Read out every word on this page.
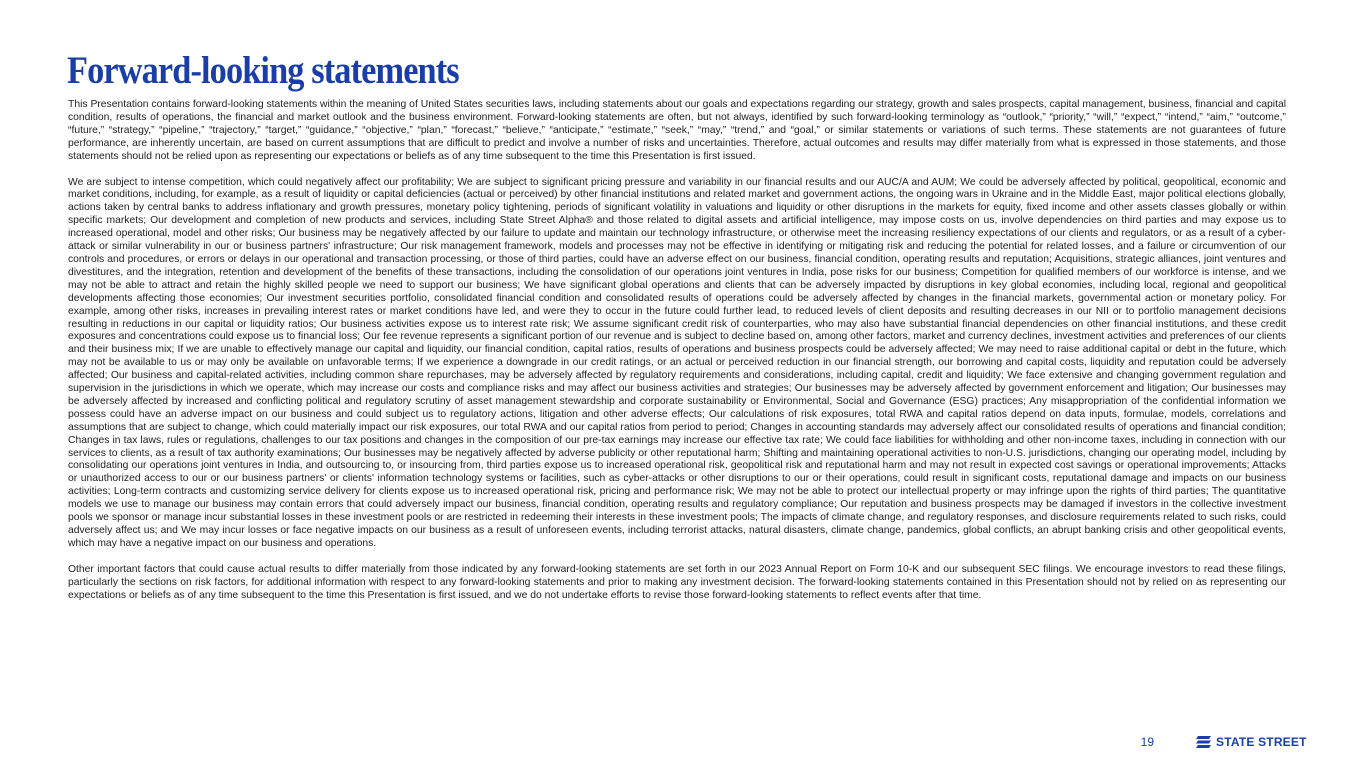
Forward-looking statements

This Presentation contains forward-looking statements within the meaning of United States securities laws, including statements about our goals and expectations regarding our strategy, growth and sales prospects, capital management, business, financial and capital condition, results of operations, the financial and market outlook and the business environment. Forward-looking statements are often, but not always, identified by such forward-looking terminology as “outlook,” “priority,” “will,” “expect,” “intend,” “aim,” “outcome,” “future,” “strategy,” “pipeline,” “trajectory,” “target,” “guidance,” “objective,” “plan,” “forecast,” “believe,” “anticipate,” “estimate,” “seek,” “may,” “trend,” and “goal,” or similar statements or variations of such terms. These statements are not guarantees of future performance, are inherently uncertain, are based on current assumptions that are difficult to predict and involve a number of risks and uncertainties. Therefore, actual outcomes and results may differ materially from what is expressed in those statements, and those statements should not be relied upon as representing our expectations or beliefs as of any time subsequent to the time this Presentation is first issued.

We are subject to intense competition, which could negatively affect our profitability; We are subject to significant pricing pressure and variability in our financial results and our AUC/A and AUM; We could be adversely affected by political, geopolitical, economic and market conditions, including, for example, as a result of liquidity or capital deficiencies (actual or perceived) by other financial institutions and related market and government actions, the ongoing wars in Ukraine and in the Middle East, major political elections globally, actions taken by central banks to address inflationary and growth pressures, monetary policy tightening, periods of significant volatility in valuations and liquidity or other disruptions in the markets for equity, fixed income and other assets classes globally or within specific markets; Our development and completion of new products and services, including State Street Alpha® and those related to digital assets and artificial intelligence, may impose costs on us, involve dependencies on third parties and may expose us to increased operational, model and other risks; Our business may be negatively affected by our failure to update and maintain our technology infrastructure, or otherwise meet the increasing resiliency expectations of our clients and regulators, or as a result of a cyber-attack or similar vulnerability in our or business partners' infrastructure; Our risk management framework, models and processes may not be effective in identifying or mitigating risk and reducing the potential for related losses, and a failure or circumvention of our controls and procedures, or errors or delays in our operational and transaction processing, or those of third parties, could have an adverse effect on our business, financial condition, operating results and reputation; Acquisitions, strategic alliances, joint ventures and divestitures, and the integration, retention and development of the benefits of these transactions, including the consolidation of our operations joint ventures in India, pose risks for our business; Competition for qualified members of our workforce is intense, and we may not be able to attract and retain the highly skilled people we need to support our business; We have significant global operations and clients that can be adversely impacted by disruptions in key global economies, including local, regional and geopolitical developments affecting those economies; Our investment securities portfolio, consolidated financial condition and consolidated results of operations could be adversely affected by changes in the financial markets, governmental action or monetary policy. For example, among other risks, increases in prevailing interest rates or market conditions have led, and were they to occur in the future could further lead, to reduced levels of client deposits and resulting decreases in our NII or to portfolio management decisions resulting in reductions in our capital or liquidity ratios; Our business activities expose us to interest rate risk; We assume significant credit risk of counterparties, who may also have substantial financial dependencies on other financial institutions, and these credit exposures and concentrations could expose us to financial loss; Our fee revenue represents a significant portion of our revenue and is subject to decline based on, among other factors, market and currency declines, investment activities and preferences of our clients and their business mix; If we are unable to effectively manage our capital and liquidity, our financial condition, capital ratios, results of operations and business prospects could be adversely affected; We may need to raise additional capital or debt in the future, which may not be available to us or may only be available on unfavorable terms; If we experience a downgrade in our credit ratings, or an actual or perceived reduction in our financial strength, our borrowing and capital costs, liquidity and reputation could be adversely affected; Our business and capital-related activities, including common share repurchases, may be adversely affected by regulatory requirements and considerations, including capital, credit and liquidity; We face extensive and changing government regulation and supervision in the jurisdictions in which we operate, which may increase our costs and compliance risks and may affect our business activities and strategies; Our businesses may be adversely affected by government enforcement and litigation; Our businesses may be adversely affected by increased and conflicting political and regulatory scrutiny of asset management stewardship and corporate sustainability or Environmental, Social and Governance (ESG) practices; Any misappropriation of the confidential information we possess could have an adverse impact on our business and could subject us to regulatory actions, litigation and other adverse effects; Our calculations of risk exposures, total RWA and capital ratios depend on data inputs, formulae, models, correlations and assumptions that are subject to change, which could materially impact our risk exposures, our total RWA and our capital ratios from period to period; Changes in accounting standards may adversely affect our consolidated results of operations and financial condition; Changes in tax laws, rules or regulations, challenges to our tax positions and changes in the composition of our pre-tax earnings may increase our effective tax rate; We could face liabilities for withholding and other non-income taxes, including in connection with our services to clients, as a result of tax authority examinations; Our businesses may be negatively affected by adverse publicity or other reputational harm; Shifting and maintaining operational activities to non-U.S. jurisdictions, changing our operating model, including by consolidating our operations joint ventures in India, and outsourcing to, or insourcing from, third parties expose us to increased operational risk, geopolitical risk and reputational harm and may not result in expected cost savings or operational improvements; Attacks or unauthorized access to our or our business partners' or clients' information technology systems or facilities, such as cyber-attacks or other disruptions to our or their operations, could result in significant costs, reputational damage and impacts on our business activities; Long-term contracts and customizing service delivery for clients expose us to increased operational risk, pricing and performance risk; We may not be able to protect our intellectual property or may infringe upon the rights of third parties; The quantitative models we use to manage our business may contain errors that could adversely impact our business, financial condition, operating results and regulatory compliance; Our reputation and business prospects may be damaged if investors in the collective investment pools we sponsor or manage incur substantial losses in these investment pools or are restricted in redeeming their interests in these investment pools; The impacts of climate change, and regulatory responses, and disclosure requirements related to such risks, could adversely affect us; and We may incur losses or face negative impacts on our business as a result of unforeseen events, including terrorist attacks, natural disasters, climate change, pandemics, global conflicts, an abrupt banking crisis and other geopolitical events, which may have a negative impact on our business and operations.

Other important factors that could cause actual results to differ materially from those indicated by any forward-looking statements are set forth in our 2023 Annual Report on Form 10-K and our subsequent SEC filings. We encourage investors to read these filings, particularly the sections on risk factors, for additional information with respect to any forward-looking statements and prior to making any investment decision. The forward-looking statements contained in this Presentation should not by relied on as representing our expectations or beliefs as of any time subsequent to the time this Presentation is first issued, and we do not undertake efforts to revise those forward-looking statements to reflect events after that time.

19	STATE STREET
